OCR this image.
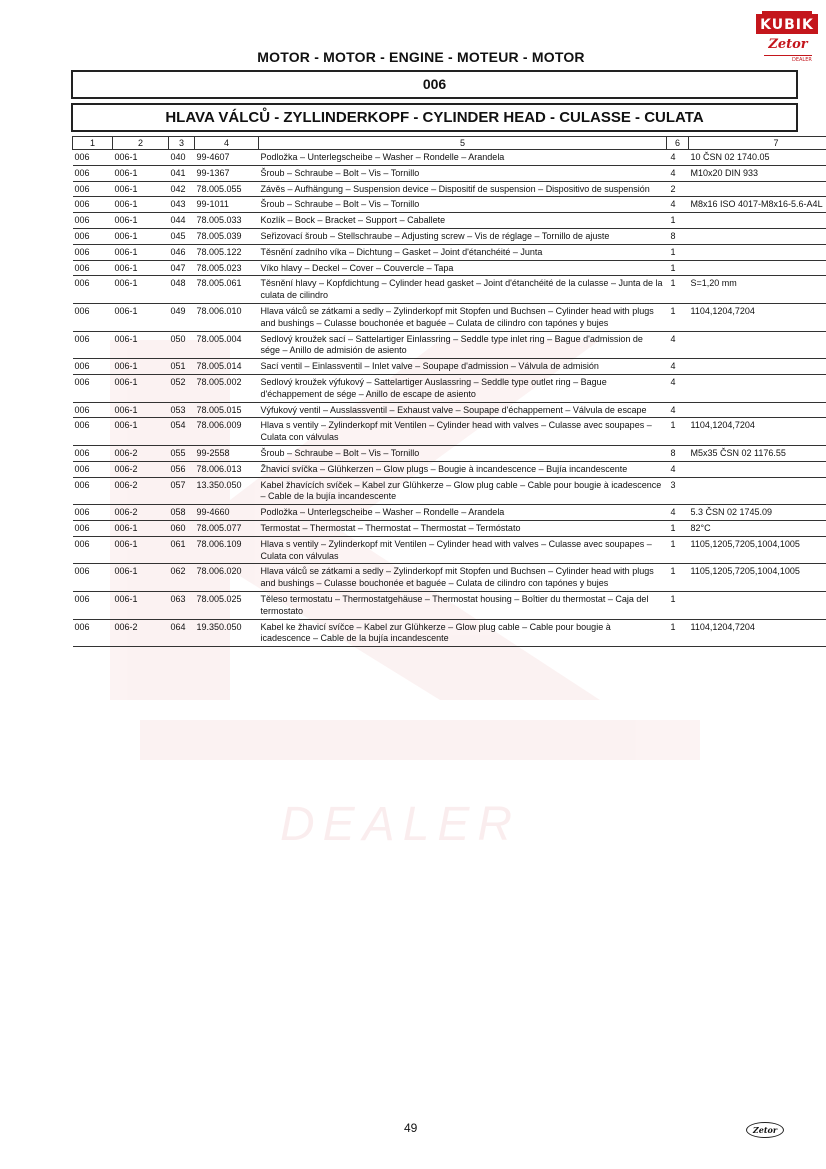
DEALER
KUBIK
Zetor
DEALER
MOTOR - MOTOR - ENGINE - MOTEUR - MOTOR
006
HLAVA VÁLCŮ - ZYLLINDERKOPF - CYLINDER HEAD - CULASSE - CULATA
1	2	3	4	5	6	7
006	006-1	040	99-4607	Podložka – Unterlegscheibe – Washer – Rondelle – Arandela	4	10 ČSN 02 1740.05
006	006-1	041	99-1367	Šroub – Schraube – Bolt – Vis – Tornillo	4	M10x20 DIN 933
006	006-1	042	78.005.055	Závěs – Aufhängung – Suspension device – Dispositif de suspension – Dispositivo de suspensión	2	
006	006-1	043	99-1011	Šroub – Schraube – Bolt – Vis – Tornillo	4	M8x16 ISO 4017-M8x16-5.6-A4L
006	006-1	044	78.005.033	Kozlík – Bock – Bracket – Support – Caballete	1	
006	006-1	045	78.005.039	Seřizovací šroub – Stellschraube – Adjusting screw – Vis de réglage – Tornillo de ajuste	8	
006	006-1	046	78.005.122	Těsnění zadního víka – Dichtung – Gasket – Joint d'étanchéité – Junta	1	
006	006-1	047	78.005.023	Víko hlavy – Deckel – Cover – Couvercle – Tapa	1	
006	006-1	048	78.005.061	Těsnění hlavy – Kopfdichtung – Cylinder head gasket – Joint d'étanchéité de la culasse – Junta de la culata de cilindro	1	S=1,20 mm
006	006-1	049	78.006.010	Hlava válců se zátkami a sedly – Zylinderkopf mit Stopfen und Buchsen – Cylinder head with plugs and bushings – Culasse bouchonée et baguée – Culata de cilindro con tapónes y bujes	1	1104,1204,7204
006	006-1	050	78.005.004	Sedlový kroužek sací – Sattelartiger Einlassring – Seddle type inlet ring – Bague d'admission de sége – Anillo de admisión de asiento	4	
006	006-1	051	78.005.014	Sací ventil – Einlassventil – Inlet valve – Soupape d'admission – Válvula de admisión	4	
006	006-1	052	78.005.002	Sedlový kroužek výfukový – Sattelartiger Auslassring – Seddle type outlet ring – Bague d'échappement de sége – Anillo de escape de asiento	4	
006	006-1	053	78.005.015	Výfukový ventil – Ausslassventil – Exhaust valve – Soupape d'échappement – Válvula de escape	4	
006	006-1	054	78.006.009	Hlava s ventily – Zylinderkopf mit Ventilen – Cylinder head with valves – Culasse avec soupapes – Culata con válvulas	1	1104,1204,7204
006	006-2	055	99-2558	Šroub – Schraube – Bolt – Vis – Tornillo	8	M5x35 ČSN 02 1176.55
006	006-2	056	78.006.013	Žhavicí svíčka – Glühkerzen – Glow plugs – Bougie à incandescence – Bujía incandescente	4	
006	006-2	057	13.350.050	Kabel žhavících svíček – Kabel zur Glühkerze – Glow plug cable – Cable pour bougie à icadescence – Cable de la bujía incandescente	3	
006	006-2	058	99-4660	Podložka – Unterlegscheibe – Washer – Rondelle – Arandela	4	5.3 ČSN 02 1745.09
006	006-1	060	78.005.077	Termostat – Thermostat – Thermostat – Thermostat – Termóstato	1	82°C
006	006-1	061	78.006.109	Hlava s ventily – Zylinderkopf mit Ventilen – Cylinder head with valves – Culasse avec soupapes – Culata con válvulas	1	1105,1205,7205,1004,1005
006	006-1	062	78.006.020	Hlava válců se zátkami a sedly – Zylinderkopf mit Stopfen und Buchsen – Cylinder head with plugs and bushings – Culasse bouchonée et baguée – Culata de cilindro con tapónes y bujes	1	1105,1205,7205,1004,1005
006	006-1	063	78.005.025	Těleso termostatu – Thermostatgehäuse – Thermostat housing – Boîtier du thermostat – Caja del termostato	1	
006	006-2	064	19.350.050	Kabel ke žhavicí svíčce – Kabel zur Glühkerze – Glow plug cable – Cable pour bougie à icadescence – Cable de la bujía incandescente	1	1104,1204,7204
49	Zetor
